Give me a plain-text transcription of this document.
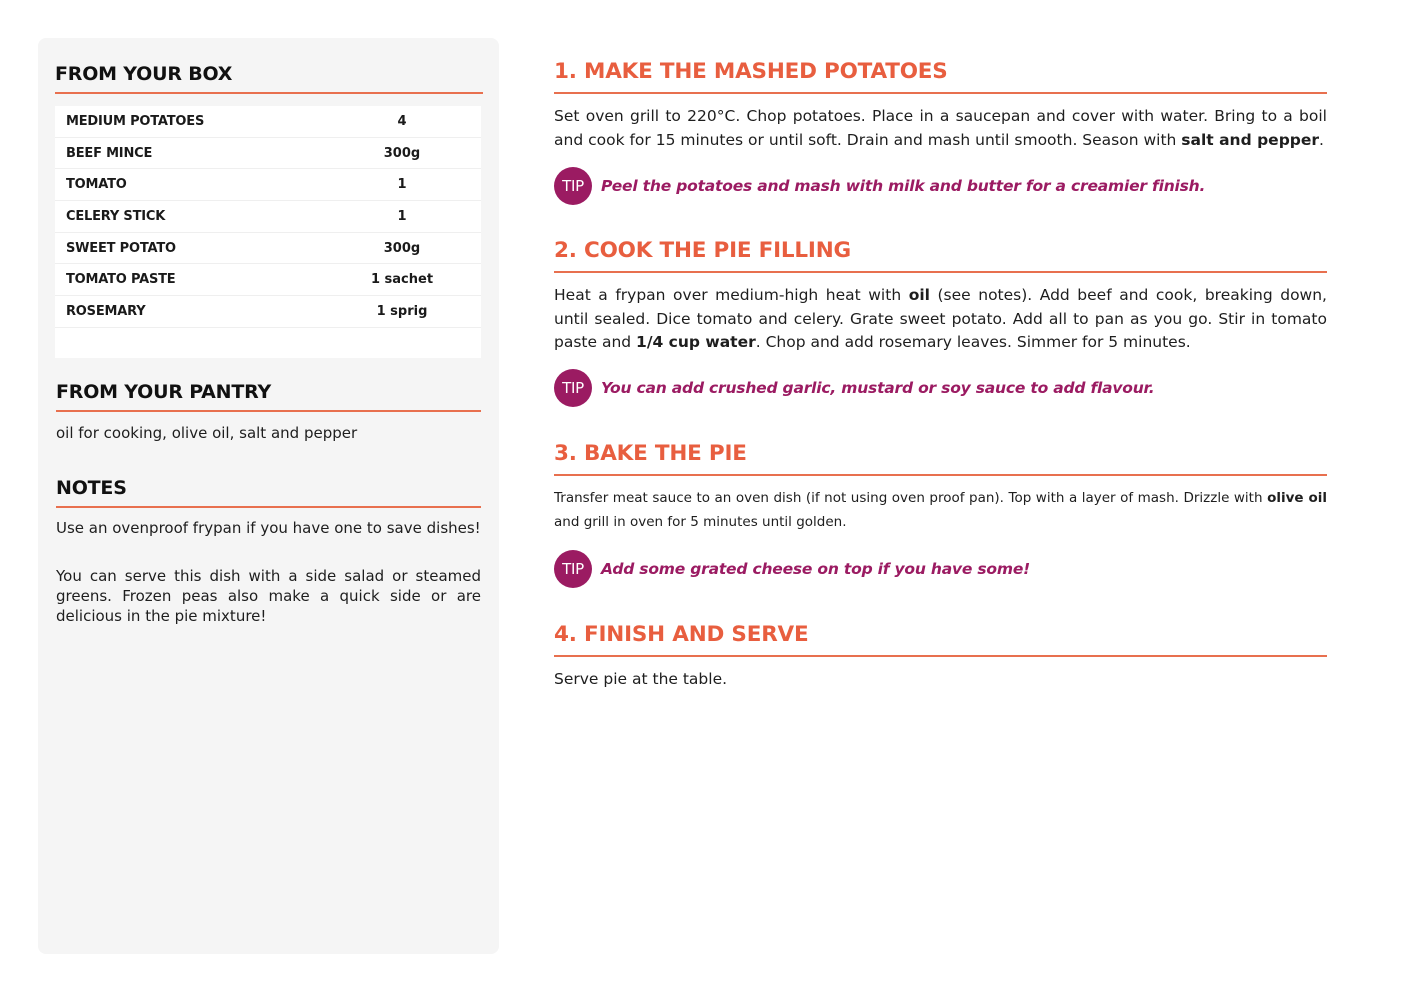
FROM YOUR BOX
MEDIUM POTATOES	4
BEEF MINCE	300g
TOMATO	1
CELERY STICK	1
SWEET POTATO	300g
TOMATO PASTE	1 sachet
ROSEMARY	1 sprig
FROM YOUR PANTRY
oil for cooking, olive oil, salt and pepper
NOTES
Use an ovenproof frypan if you have one to save dishes!
You can serve this dish with a side salad or steamed greens. Frozen peas also make a quick side or are delicious in the pie mixture!
1. MAKE THE MASHED POTATOES
Set oven grill to 220°C. Chop potatoes. Place in a saucepan and cover with water. Bring to a boil and cook for 15 minutes or until soft. Drain and mash until smooth. Season with salt and pepper.
TIP	Peel the potatoes and mash with milk and butter for a creamier finish.
2. COOK THE PIE FILLING
Heat a frypan over medium-high heat with oil (see notes). Add beef and cook, breaking down, until sealed. Dice tomato and celery. Grate sweet potato. Add all to pan as you go. Stir in tomato paste and 1/4 cup water. Chop and add rosemary leaves. Simmer for 5 minutes.
TIP	You can add crushed garlic, mustard or soy sauce to add flavour.
3. BAKE THE PIE
Transfer meat sauce to an oven dish (if not using oven proof pan). Top with a layer of mash. Drizzle with olive oil and grill in oven for 5 minutes until golden.
TIP	Add some grated cheese on top if you have some!
4. FINISH AND SERVE
Serve pie at the table.
